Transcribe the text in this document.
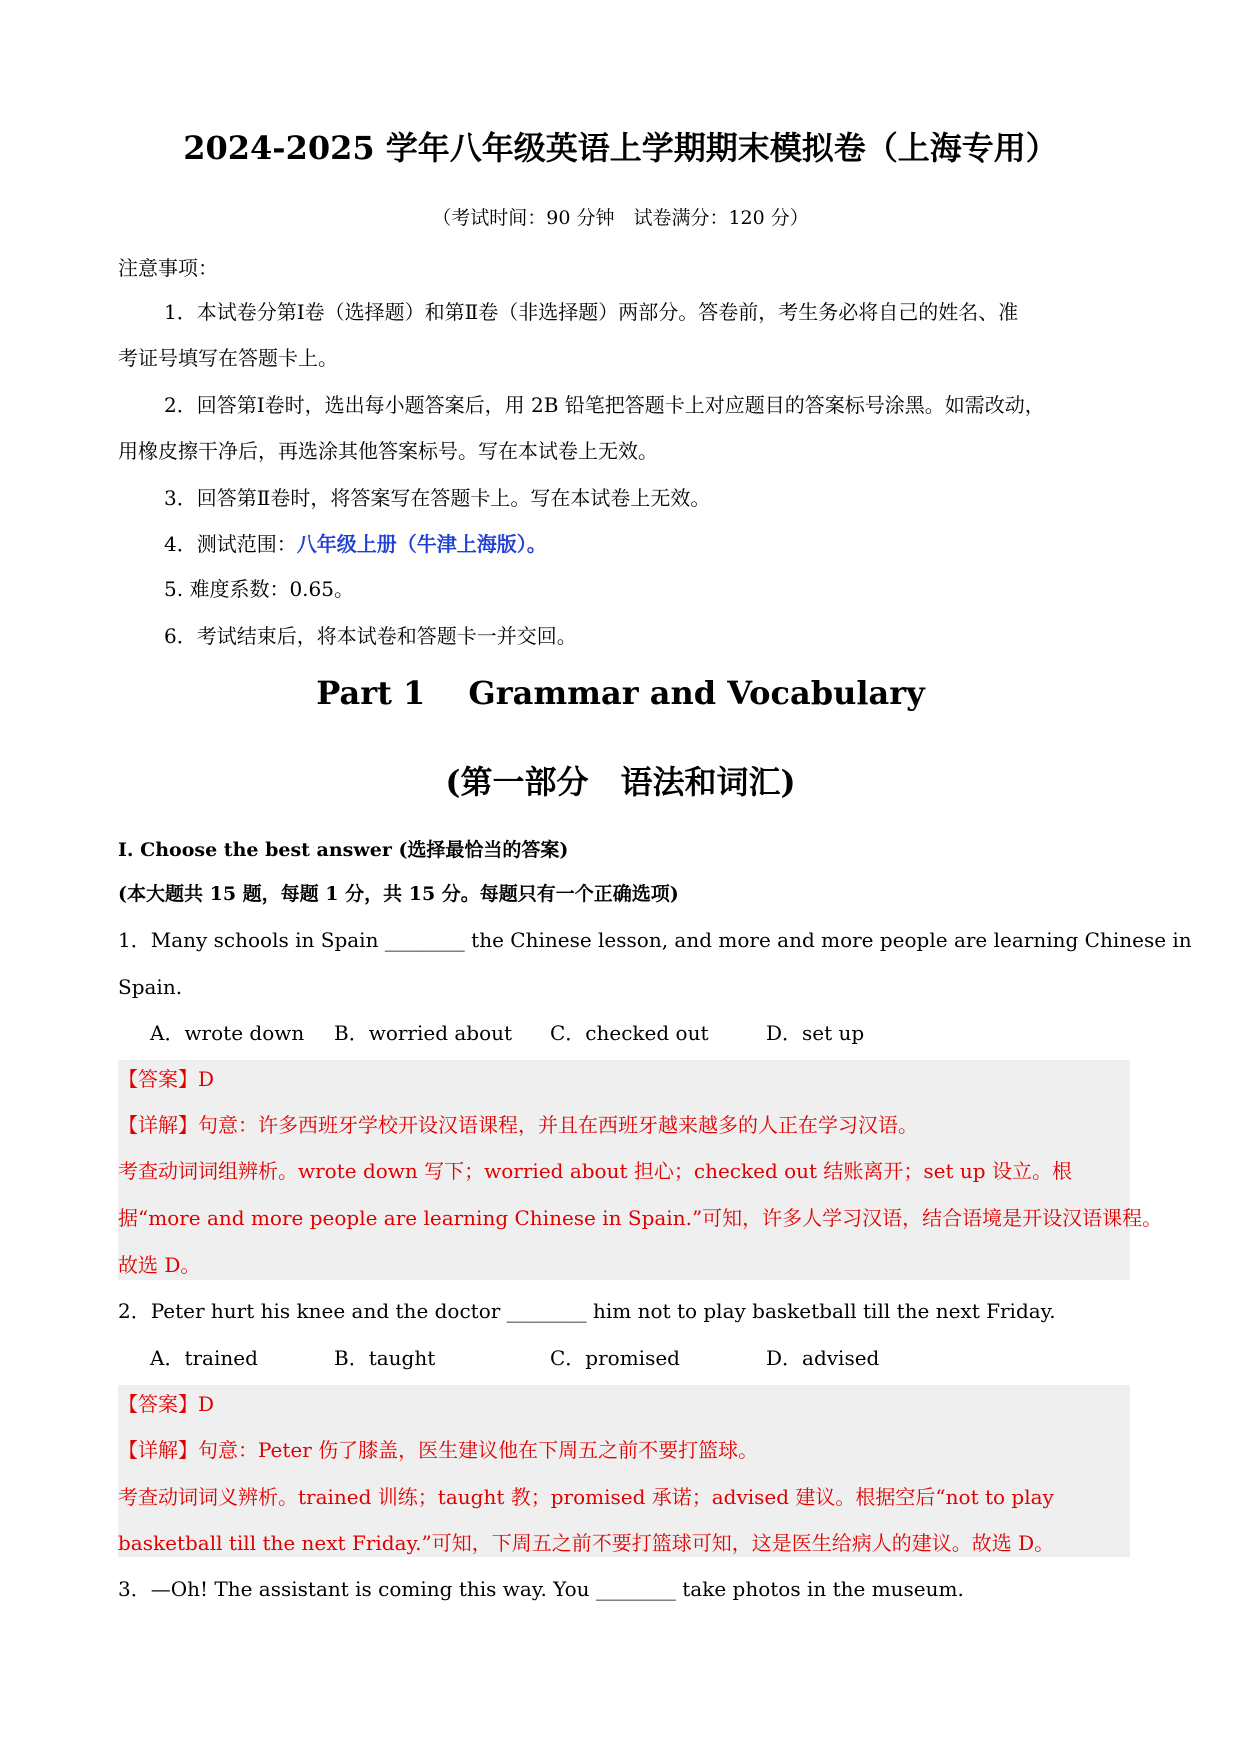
2024-2025 学年八年级英语上学期期末模拟卷（上海专用）
（考试时间：90 分钟　试卷满分：120 分）
注意事项：
1．本试卷分第Ⅰ卷（选择题）和第Ⅱ卷（非选择题）两部分。答卷前，考生务必将自己的姓名、准
考证号填写在答题卡上。
2．回答第Ⅰ卷时，选出每小题答案后，用 2B 铅笔把答题卡上对应题目的答案标号涂黑。如需改动，
用橡皮擦干净后，再选涂其他答案标号。写在本试卷上无效。
3．回答第Ⅱ卷时，将答案写在答题卡上。写在本试卷上无效。
4．测试范围：八年级上册（牛津上海版）。
5. 难度系数：0.65。
6．考试结束后，将本试卷和答题卡一并交回。
Part 1　 Grammar and Vocabulary
(第一部分　语法和词汇)
I. Choose the best answer (选择最恰当的答案)
(本大题共 15 题，每题 1 分，共 15 分。每题只有一个正确选项)
1．Many schools in Spain ________ the Chinese lesson, and more and more people are learning Chinese in
Spain.
A．wrote down B．worried about C．checked out	D．set up
【答案】D
【详解】句意：许多西班牙学校开设汉语课程，并且在西班牙越来越多的人正在学习汉语。
考查动词词组辨析。wrote down 写下；worried about 担心；checked out 结账离开；set up 设立。根
据“more and more people are learning Chinese in Spain.”可知，许多人学习汉语，结合语境是开设汉语课程。
故选 D。
2．Peter hurt his knee and the doctor ________ him not to play basketball till the next Friday.
A．trained	B．taught	C．promised	D．advised
【答案】D
【详解】句意：Peter 伤了膝盖，医生建议他在下周五之前不要打篮球。
考查动词词义辨析。trained 训练；taught 教；promised 承诺；advised 建议。根据空后“not to play
basketball till the next Friday.”可知，下周五之前不要打篮球可知，这是医生给病人的建议。故选 D。
3．—Oh! The assistant is coming this way. You ________ take photos in the museum.
